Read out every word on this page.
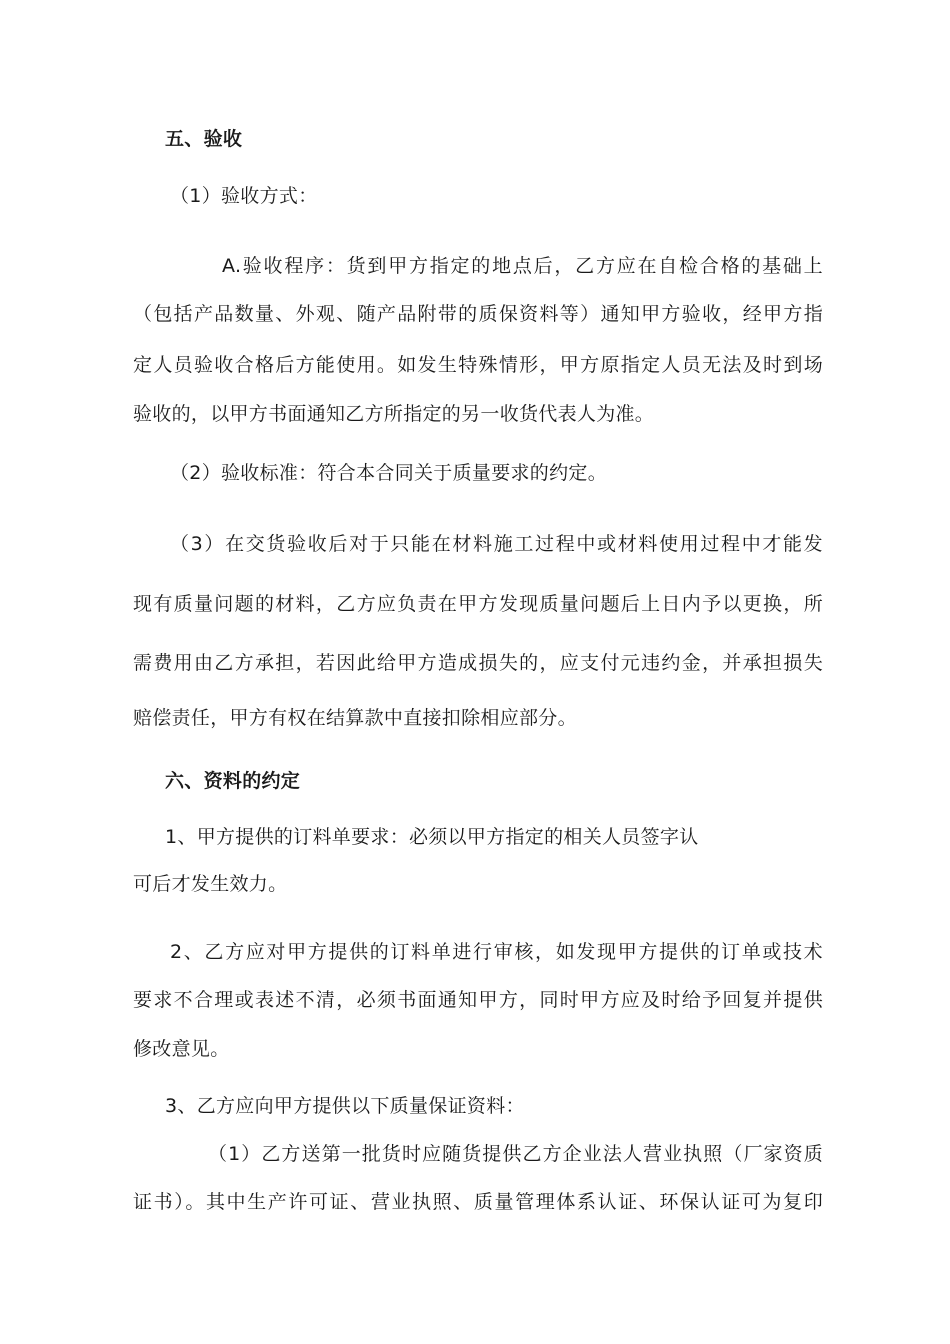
五、验收

（1）验收方式：

A.验收程序：货到甲方指定的地点后，乙方应在自检合格的基础上

（包括产品数量、外观、随产品附带的质保资料等）通知甲方验收，经甲方指

定人员验收合格后方能使用。如发生特殊情形，甲方原指定人员无法及时到场

验收的，以甲方书面通知乙方所指定的另一收货代表人为准。

（2）验收标准：符合本合同关于质量要求的约定。

（3）在交货验收后对于只能在材料施工过程中或材料使用过程中才能发

现有质量问题的材料，乙方应负责在甲方发现质量问题后上日内予以更换，所

需费用由乙方承担，若因此给甲方造成损失的，应支付元违约金，并承担损失

赔偿责任，甲方有权在结算款中直接扣除相应部分。

六、资料的约定

1、甲方提供的订料单要求：必须以甲方指定的相关人员签字认

可后才发生效力。

2、乙方应对甲方提供的订料单进行审核，如发现甲方提供的订单或技术

要求不合理或表述不清，必须书面通知甲方，同时甲方应及时给予回复并提供

修改意见。

3、乙方应向甲方提供以下质量保证资料：

（1）乙方送第一批货时应随货提供乙方企业法人营业执照（厂家资质

证书）。其中生产许可证、营业执照、质量管理体系认证、环保认证可为复印
